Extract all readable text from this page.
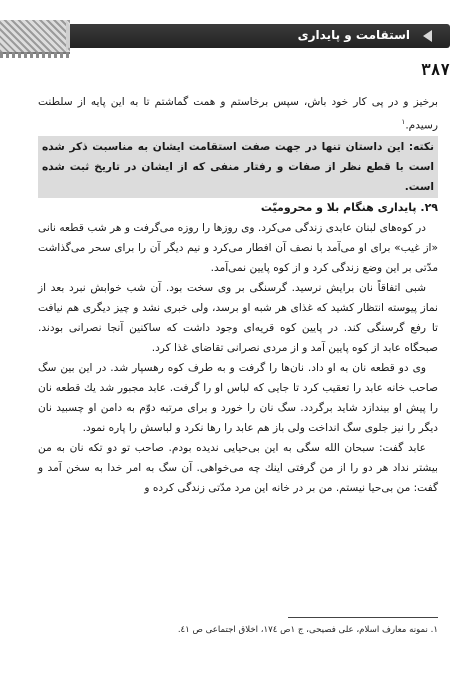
استقامت و پایداری
۳۸۷

برخیز و در پی کار خود باش، سپس برخاستم و همت گماشتم تا به این پایه از سلطنت رسیدم.$^۱$

نکته: این داستان تنها در جهت صفت استقامت ایشان به مناسبت ذکر شده است با قطع نظر از صفات و رفتار منفی که از ایشان در تاریخ ثبت شده است.

۲۹. پایداری هنگام بلا و محرومیّت

در کوه‌های لبنان عابدی زندگی می‌کرد. وی روزها را روزه می‌گرفت و هر شب قطعه نانی «از غیب» برای او می‌آمد با نصف آن افطار می‌کرد و نیم دیگر آن را برای سحر می‌گذاشت مدّتی بر این وضع زندگی کرد و از کوه پایین نمی‌آمد.

شبی اتفاقاً نان برایش نرسید. گرسنگی بر وی سخت بود. آن شب خوابش نبرد بعد از نماز پیوسته انتظار کشید که غذای هر شبه او برسد، ولی خبری نشد و چیز دیگری هم نیافت تا رفع گرسنگی کند. در پایین کوه قریه‌ای وجود داشت که ساکنین آنجا نصرانی بودند. صبحگاه عابد از کوه پایین آمد و از مردی نصرانی تقاضای غذا کرد.

وی دو قطعه نان به او داد. نان‌ها را گرفت و به طرف کوه رهسپار شد. در این بین سگ صاحب خانه عابد را تعقیب کرد تا جایی که لباس او را گرفت. عابد مجبور شد یك قطعه نان را پیش او بیندازد شاید برگردد. سگ نان را خورد و برای مرتبه دوّم به دامن او چسبید نان دیگر را نیز جلوی سگ انداخت ولی باز هم عابد را رها نکرد و لباسش را پاره نمود.

عابد گفت: سبحان الله سگی به این بی‌حیایی ندیده بودم. صاحب تو دو تکه نان به من بیشتر نداد هر دو را از من گرفتی اینك چه می‌خواهی. آن سگ به امر خدا به سخن آمد و گفت: من بی‌حیا نیستم. من بر در خانه این مرد مدّتی زندگی کرده و

۱. نمونه معارف اسلام، علی فصیحی، ج ۱ص ۱۷٤، اخلاق اجتماعی ص ٤۱.
